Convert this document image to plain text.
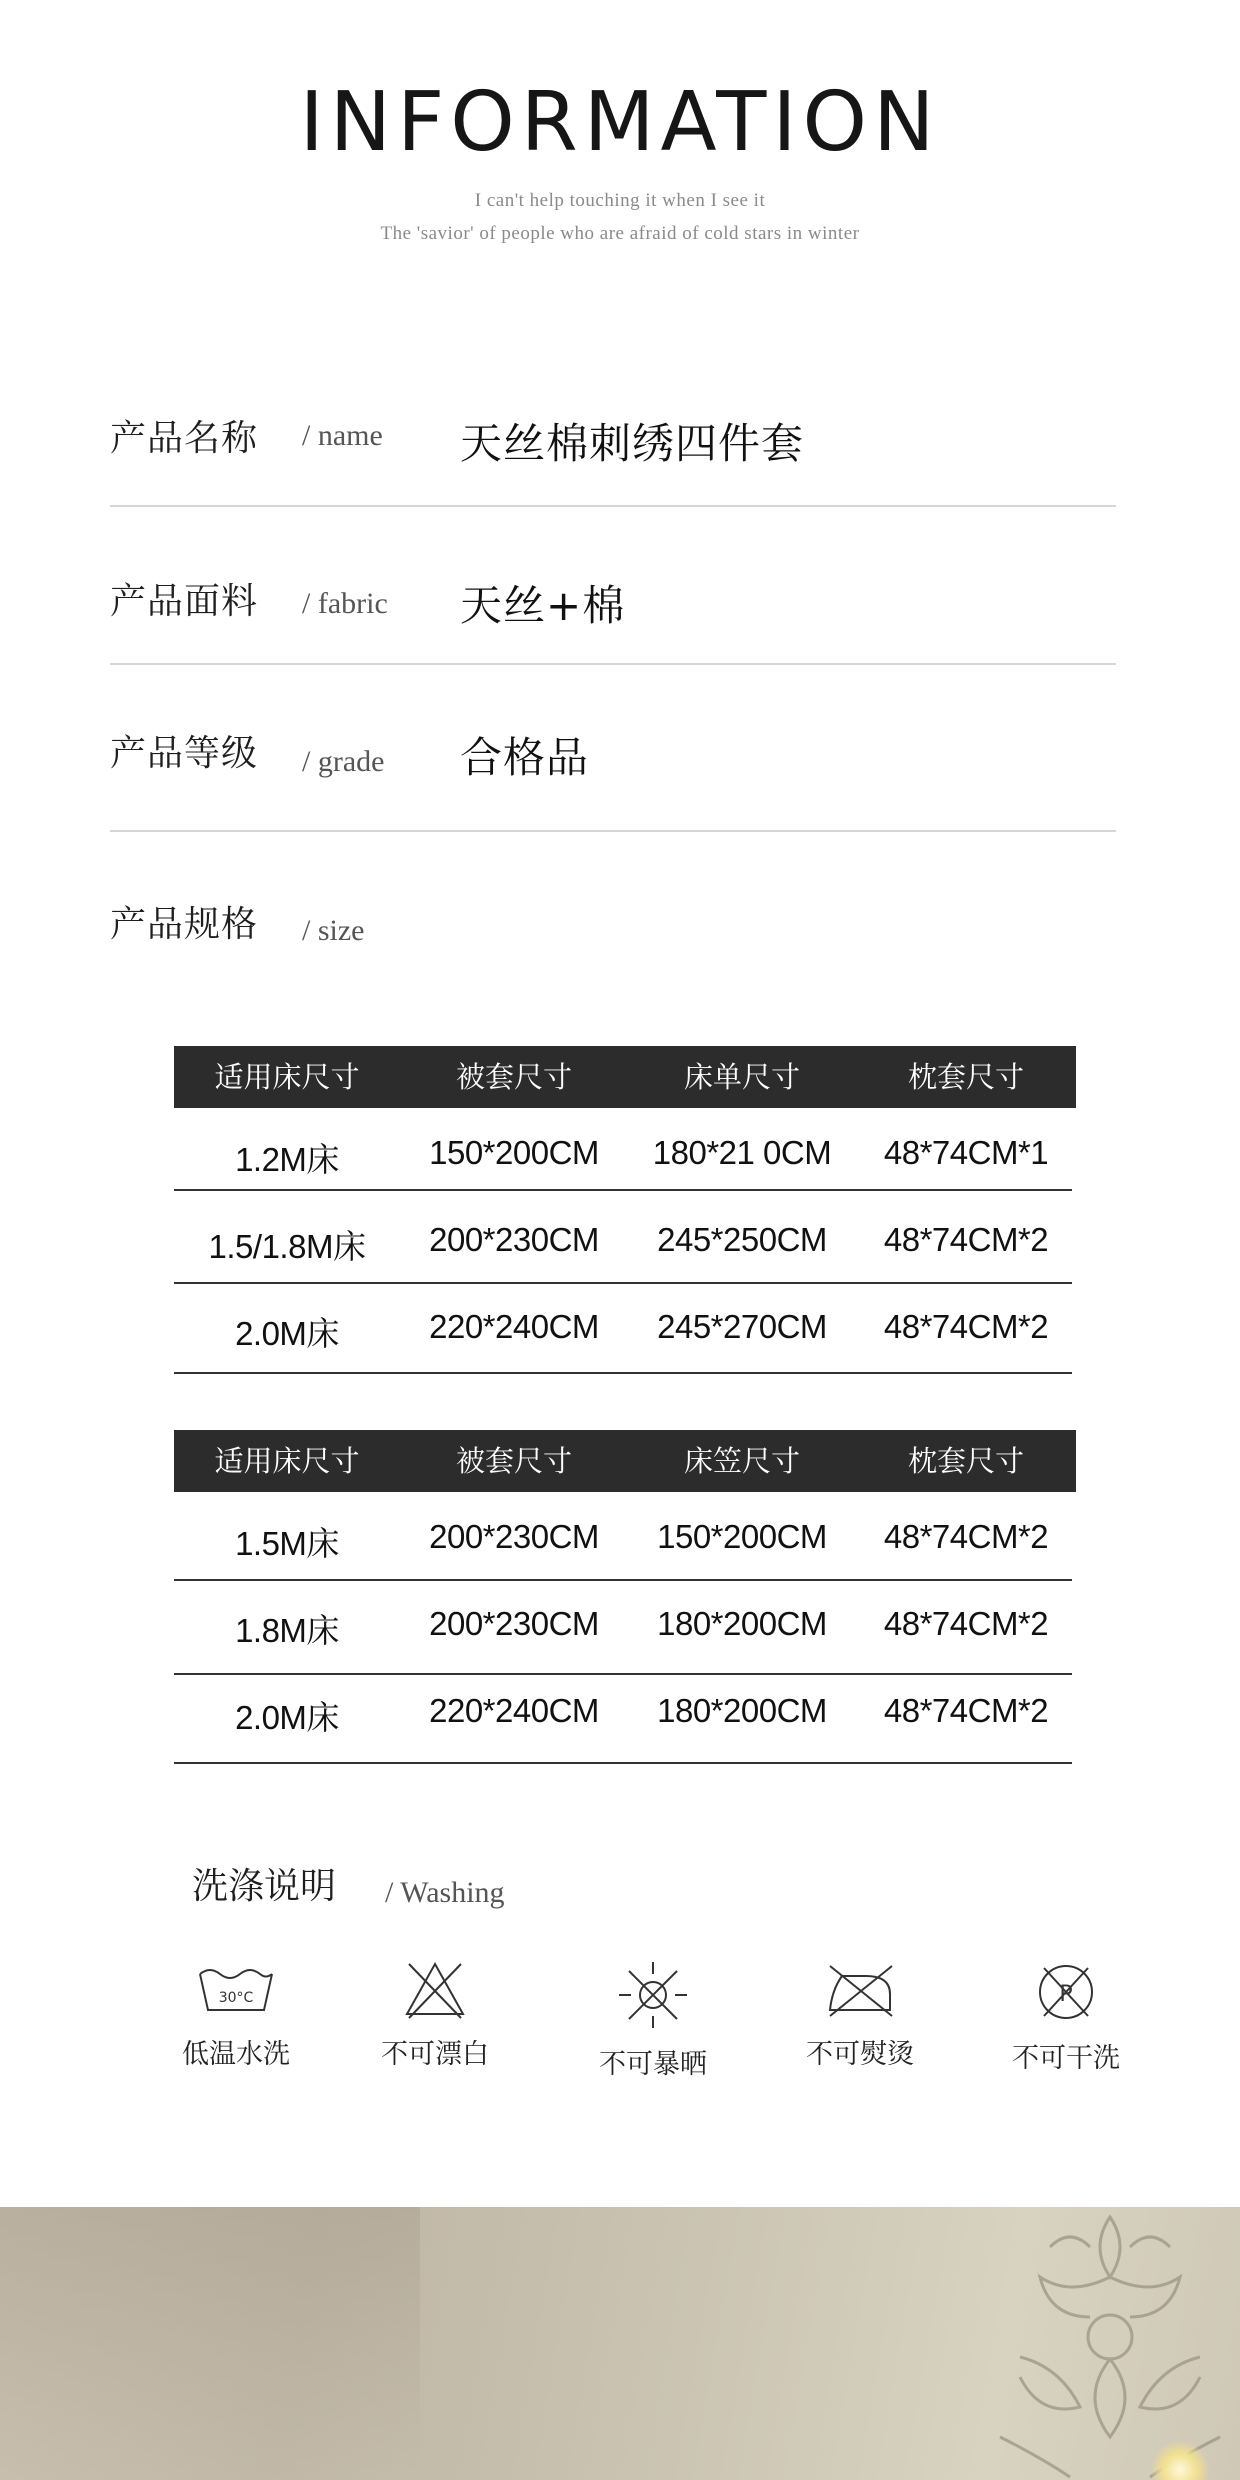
INFORMATION
I can't help touching it when I see it
The 'savior' of people who are afraid of cold stars in winter
产品名称 / name 天丝棉刺绣四件套
产品面料 / fabric 天丝+棉
产品等级 / grade 合格品
产品规格 / size
适用床尺寸	被套尺寸	床单尺寸	枕套尺寸
1.2M床	150*200CM	180*21 0CM	48*74CM*1
1.5/1.8M床	200*230CM	245*250CM	48*74CM*2
2.0M床	220*240CM	245*270CM	48*74CM*2
适用床尺寸	被套尺寸	床笠尺寸	枕套尺寸
1.5M床	200*230CM	150*200CM	48*74CM*2
1.8M床	200*230CM	180*200CM	48*74CM*2
2.0M床	220*240CM	180*200CM	48*74CM*2
洗涤说明 / Washing
30°C
低温水洗	不可漂白	不可暴晒	不可熨烫
P
不可干洗
